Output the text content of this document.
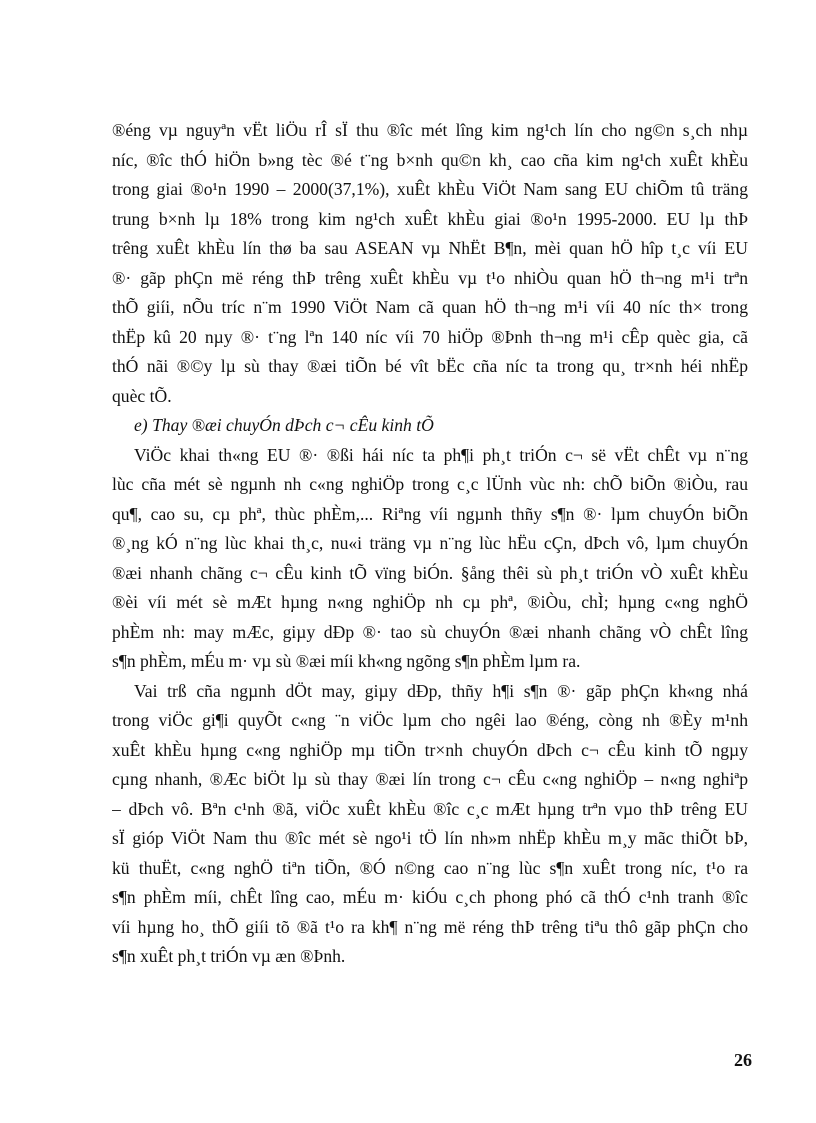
®éng vµ nguyªn vËt liÖu rÎ sÏ thu ®îc mét lîng kim ng¹ch lín cho ng©n s¸ch nhµ

níc, ®îc thÓ hiÖn b»ng tèc ®é t¨ng b×nh qu©n kh¸ cao cña kim ng¹ch xuÊt khÈu

trong giai ®o¹n 1990 – 2000(37,1%), xuÊt khÈu ViÖt Nam sang EU chiÕm tû träng

trung b×nh lµ 18% trong kim ng¹ch xuÊt khÈu giai ®o¹n 1995-2000. EU lµ thÞ

trêng xuÊt khÈu lín thø ba sau ASEAN vµ NhËt B¶n, mèi quan hÖ hîp t¸c víi EU

®· gãp phÇn më réng thÞ trêng xuÊt khÈu vµ t¹o nhiÒu quan hÖ th¬ng m¹i trªn

thÕ giíi, nÕu tríc n¨m 1990 ViÖt Nam cã quan hÖ th¬ng m¹i víi 40 níc th× trong

thËp kû 20 nµy ®· t¨ng lªn 140 níc víi 70 hiÖp ®Þnh th¬ng m¹i cÊp quèc gia, cã

thÓ nãi ®©y lµ sù thay ®æi tiÕn bé vît bËc cña níc ta trong qu¸ tr×nh héi nhËp

quèc tÕ.

e) Thay ®æi chuyÓn dÞch c¬ cÊu kinh tÕ

ViÖc khai th«ng EU ®· ®ßi hái níc ta ph¶i ph¸t triÓn c¬ së vËt chÊt vµ n¨ng

lùc cña mét sè ngµnh nh c«ng nghiÖp trong c¸c lÜnh vùc nh: chÕ biÕn ®iÒu, rau

qu¶, cao su, cµ phª, thùc phÈm,... Riªng víi ngµnh thñy s¶n ®· lµm chuyÓn biÕn

®¸ng kÓ n¨ng lùc khai th¸c, nu«i träng vµ n¨ng lùc hËu cÇn, dÞch vô, lµm chuyÓn

®æi nhanh chãng c¬ cÊu kinh tÕ vïng biÓn. §ång thêi sù ph¸t triÓn vÒ xuÊt khÈu

®èi víi mét sè mÆt hµng n«ng nghiÖp nh cµ phª, ®iÒu, chÌ; hµng c«ng nghÖ

phÈm nh: may mÆc, giµy dÐp ®· tao sù chuyÓn ®æi nhanh chãng vÒ chÊt lîng

s¶n phÈm, mÉu m· vµ sù ®æi míi kh«ng ngõng s¶n phÈm lµm ra.

Vai trß cña ngµnh dÖt may, giµy dÐp, thñy h¶i s¶n ®· gãp phÇn kh«ng nhá

trong viÖc gi¶i quyÕt c«ng ¨n viÖc lµm cho ngêi lao ®éng, còng nh ®Èy m¹nh

xuÊt khÈu hµng c«ng nghiÖp mµ tiÕn tr×nh chuyÓn dÞch c¬ cÊu kinh tÕ ngµy

cµng nhanh, ®Æc biÖt lµ sù thay ®æi lín trong c¬ cÊu c«ng nghiÖp – n«ng nghiªp

– dÞch vô. Bªn c¹nh ®ã, viÖc xuÊt khÈu ®îc c¸c mÆt hµng trªn vµo thÞ trêng EU

sÏ gióp ViÖt Nam thu ®îc mét sè ngo¹i tÖ lín nh»m nhËp khÈu m¸y mãc thiÕt bÞ,

kü thuËt, c«ng nghÖ tiªn tiÕn, ®Ó n©ng cao n¨ng lùc s¶n xuÊt trong níc, t¹o ra

s¶n phÈm míi, chÊt lîng cao, mÉu m· kiÓu c¸ch phong phó cã thÓ c¹nh tranh ®îc

víi hµng ho¸ thÕ giíi tõ ®ã t¹o ra kh¶ n¨ng më réng thÞ trêng tiªu thô gãp phÇn cho

s¶n xuÊt ph¸t triÓn vµ æn ®Þnh.

26
